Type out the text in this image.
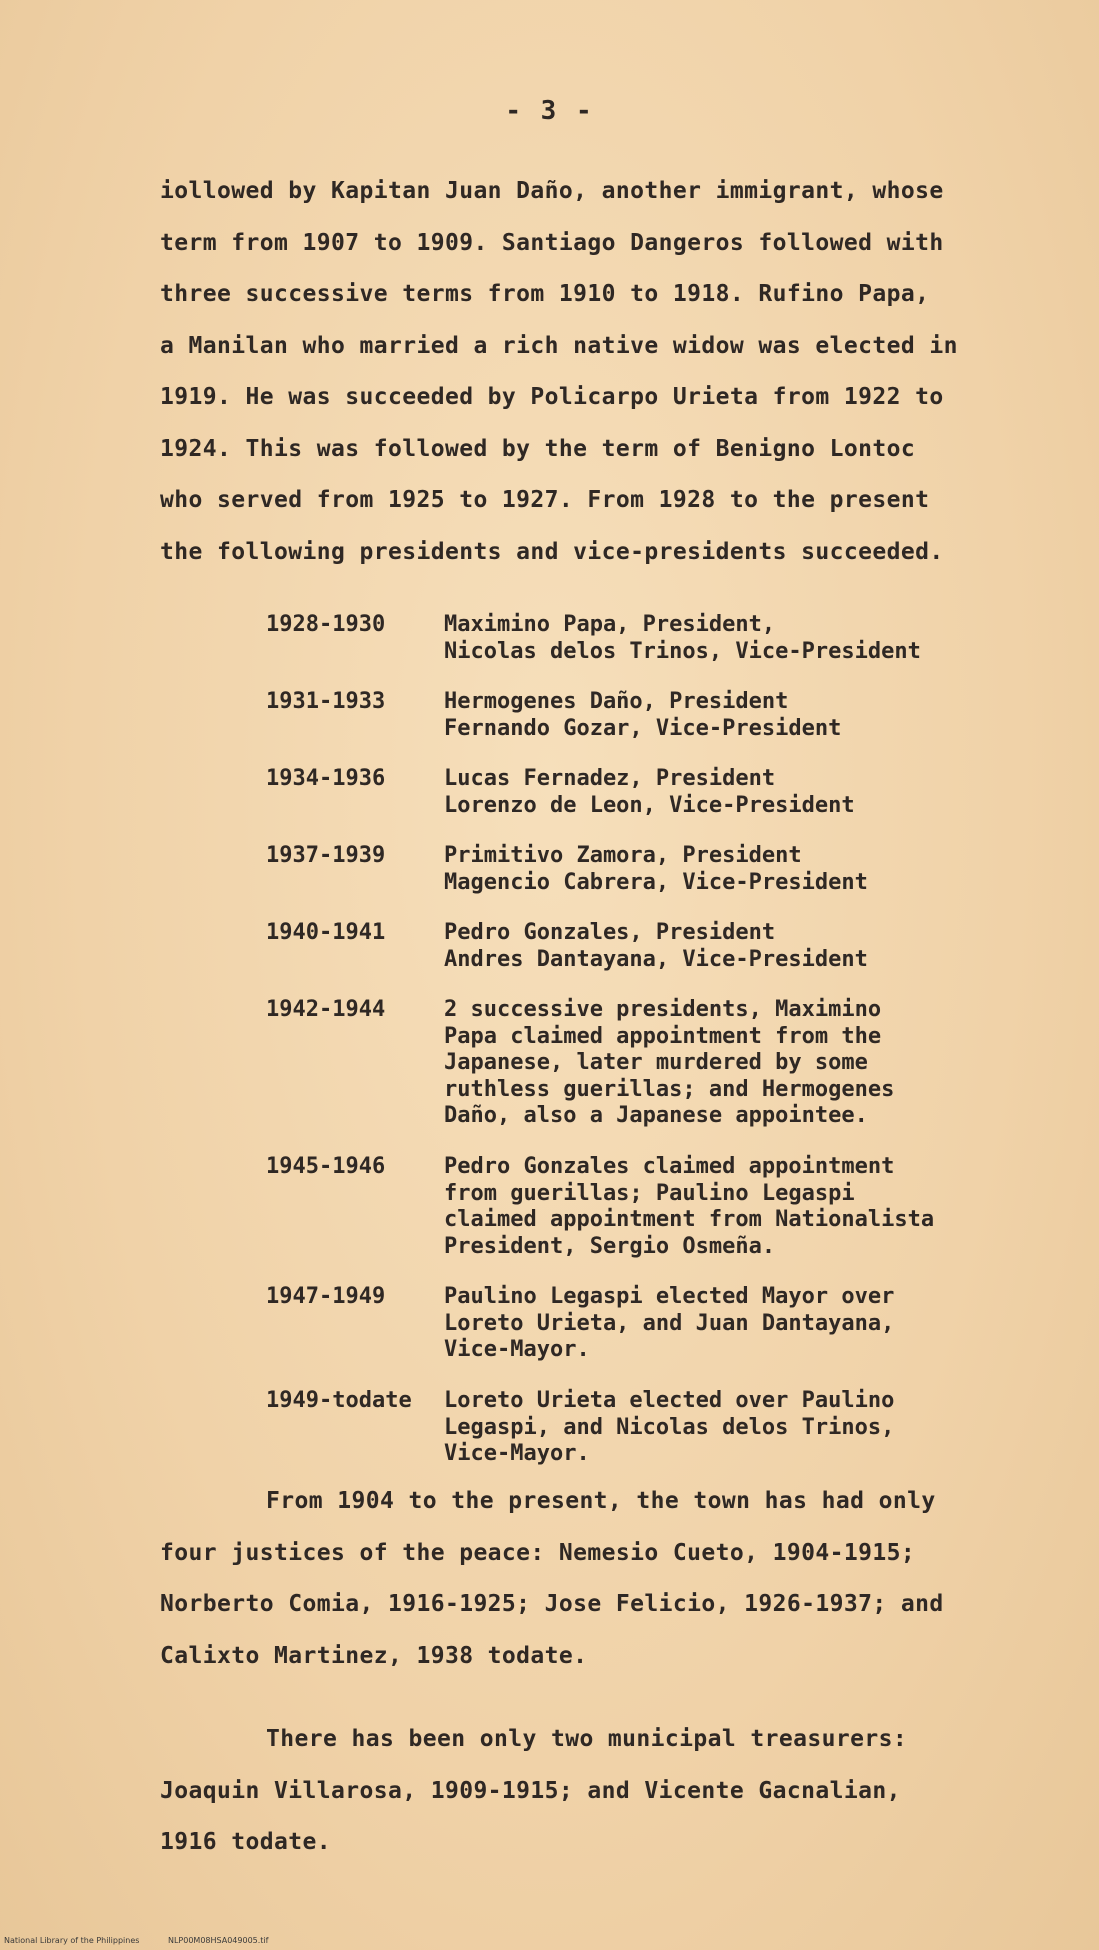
- 3 -
iollowed by Kapitan Juan Daño, another immigrant, whose
term from 1907 to 1909. Santiago Dangeros followed with
three successive terms from 1910 to 1918. Rufino Papa,
a Manilan who married a rich native widow was elected in
1919. He was succeeded by Policarpo Urieta from 1922 to
1924. This was followed by the term of Benigno Lontoc
who served from 1925 to 1927. From 1928 to the present
the following presidents and vice-presidents succeeded.
1928-1930	Maximino Papa, President,
Nicolas delos Trinos, Vice-President
1931-1933	Hermogenes Daño, President
Fernando Gozar, Vice-President
1934-1936	Lucas Fernadez, President
Lorenzo de Leon, Vice-President
1937-1939	Primitivo Zamora, President
Magencio Cabrera, Vice-President
1940-1941	Pedro Gonzales, President
Andres Dantayana, Vice-President
1942-1944	2 successive presidents, Maximino
Papa claimed appointment from the
Japanese, later murdered by some
ruthless guerillas; and Hermogenes
Daño, also a Japanese appointee.
1945-1946	Pedro Gonzales claimed appointment
from guerillas; Paulino Legaspi
claimed appointment from Nationalista
President, Sergio Osmeña.
1947-1949	Paulino Legaspi elected Mayor over
Loreto Urieta, and Juan Dantayana,
Vice-Mayor.
1949-todate	Loreto Urieta elected over Paulino
Legaspi, and Nicolas delos Trinos,
Vice-Mayor.
From 1904 to the present, the town has had only
four justices of the peace: Nemesio Cueto, 1904-1915;
Norberto Comia, 1916-1925; Jose Felicio, 1926-1937; and
Calixto Martinez, 1938 todate.
There has been only two municipal treasurers:
Joaquin Villarosa, 1909-1915; and Vicente Gacnalian,
1916 todate.
National Library of the Philippines	NLP00M08HSA049005.tif
